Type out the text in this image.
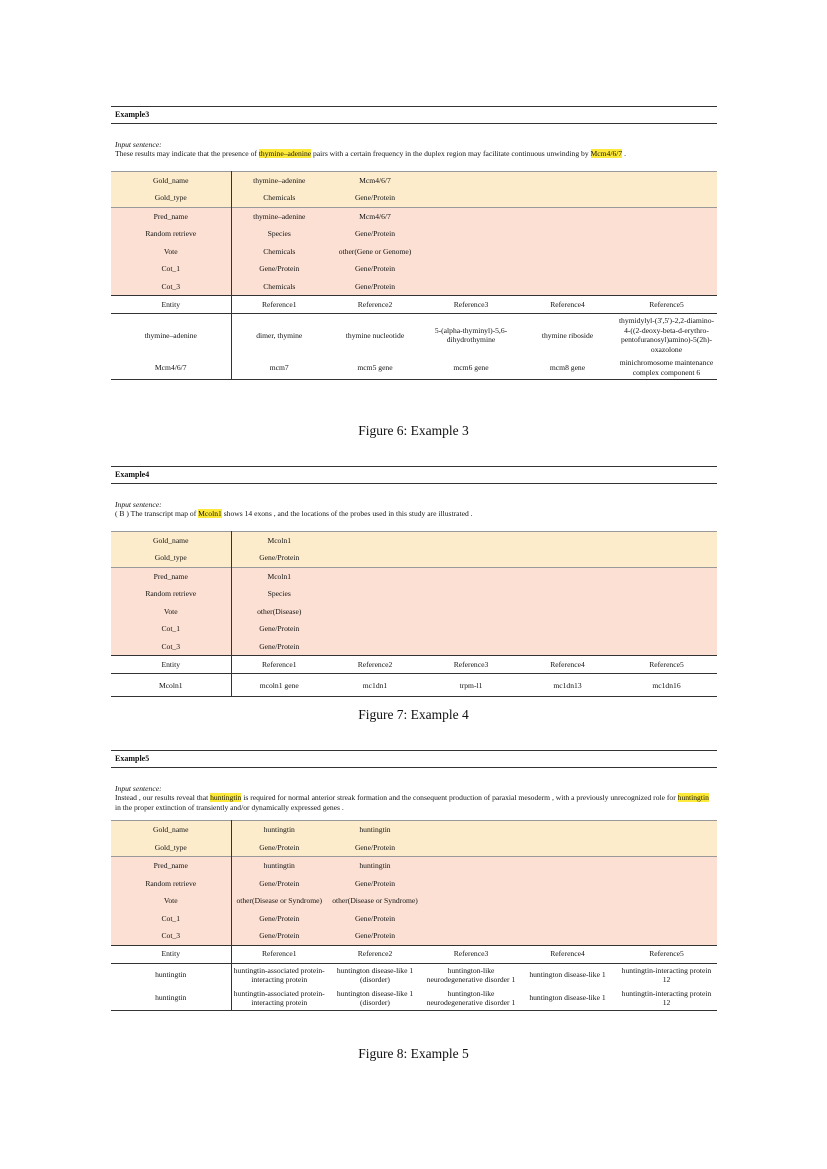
Example3
Input sentence:
These results may indicate that the presence of thymine–adenine pairs with a certain frequency in the duplex region may facilitate continuous unwinding by Mcm4/6/7 .
Gold_name	thymine–adenine	Mcm4/6/7			
Gold_type	Chemicals	Gene/Protein			
Pred_name	thymine–adenine	Mcm4/6/7			
Random retrieve	Species	Gene/Protein			
Vote	Chemicals	other(Gene or Genome)			
Cot_1	Gene/Protein	Gene/Protein			
Cot_3	Chemicals	Gene/Protein			
Entity	Reference1	Reference2	Reference3	Reference4	Reference5
thymine–adenine	dimer, thymine	thymine nucleotide	5-(alpha-thyminyl)-5,6-dihydrothymine	thymine riboside	thymidylyl-(3',5')-2,2-diamino-4-((2-deoxy-beta-d-erythro-pentofuranosyl)amino)-5(2h)-oxazolone
Mcm4/6/7	mcm7	mcm5 gene	mcm6 gene	mcm8 gene	minichromosome maintenance complex component 6
Figure 6: Example 3
Example4
Input sentence:
( B ) The transcript map of Mcoln1 shows 14 exons , and the locations of the probes used in this study are illustrated .
Gold_name	Mcoln1				
Gold_type	Gene/Protein				
Pred_name	Mcoln1				
Random retrieve	Species				
Vote	other(Disease)				
Cot_1	Gene/Protein				
Cot_3	Gene/Protein				
Entity	Reference1	Reference2	Reference3	Reference4	Reference5
Mcoln1	mcoln1 gene	mc1dn1	trpm-l1	mc1dn13	mc1dn16
Figure 7: Example 4
Example5
Input sentence:
Instead , our results reveal that huntingtin is required for normal anterior streak formation and the consequent production of paraxial mesoderm , with a previously unrecognized role for huntingtin in the proper extinction of transiently and/or dynamically expressed genes .
Gold_name	huntingtin	huntingtin			
Gold_type	Gene/Protein	Gene/Protein			
Pred_name	huntingtin	huntingtin			
Random retrieve	Gene/Protein	Gene/Protein			
Vote	other(Disease or Syndrome)	other(Disease or Syndrome)			
Cot_1	Gene/Protein	Gene/Protein			
Cot_3	Gene/Protein	Gene/Protein			
Entity	Reference1	Reference2	Reference3	Reference4	Reference5
huntingtin	huntingtin-associated protein-interacting protein	huntington disease-like 1 (disorder)	huntington-like neurodegenerative disorder 1	huntington disease-like 1	huntingtin-interacting protein 12
huntingtin	huntingtin-associated protein-interacting protein	huntington disease-like 1 (disorder)	huntington-like neurodegenerative disorder 1	huntington disease-like 1	huntingtin-interacting protein 12
Figure 8: Example 5
